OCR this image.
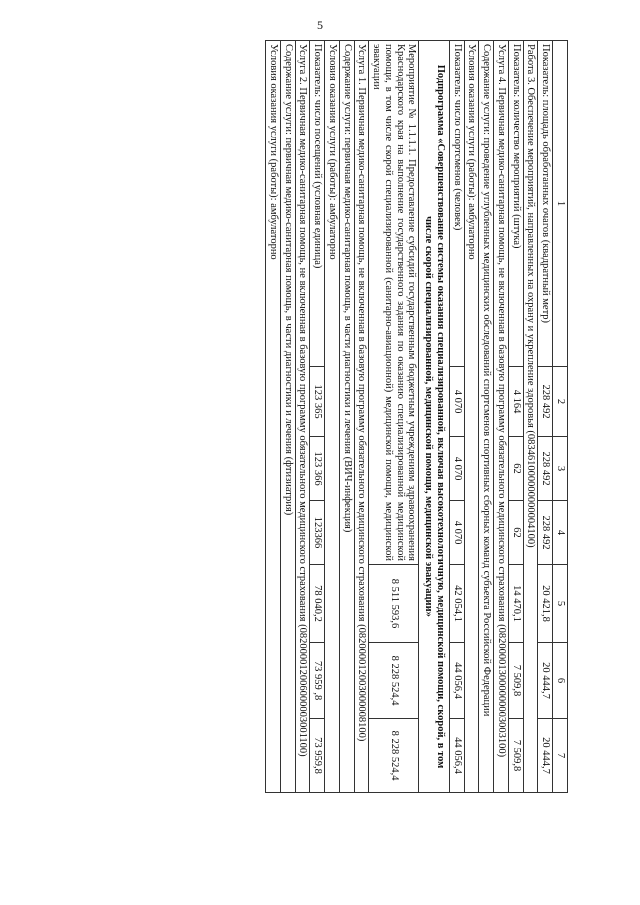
5
1	2	3	4	5	6	7
Показатель: площадь обработанных очагов (квадратный метр)	228 492	228 492	228 492	20 421,8	20 444,7	20 444,7
Работа 3. Обеспечение мероприятий, направленных на охрану и укрепление здоровья (083461000000000004100)						
Показатель: количество мероприятий (штука)	4 164	62	62	14 470,1	7 509,8	7 509,8
Услуга 4. Первичная медико-санитарная помощь, не включенная в базовую программу обязательного медицинского страхования (082000013000000003003100)						
Содержание услуги: проведение углубленных медицинских обследований спортсменов спортивных сборных команд субъекта Российской Федерации						
Условия оказания услуги (работы): амбулаторно						
Показатель: число спортсменов (человек)	4 070	4 070	4 070	42 054,1	44 056,4	44 056,4
Подпрограмма «Совершенствование системы оказания специализированной, включая высокотехнологичную, медицинской помощи, скорой, в том числе скорой специализированной, медицинской помощи, медицинской эвакуации»						
Мероприятие № 1.1.1.1. Предоставление субсидий государственным бюджетным учреждениям здравоохранения Краснодарского края на выполнение государственного задания по оказанию специализированной медицинской помощи, в том числе скорой специализированной (санитарно-авиационной) медицинской помощи, медицинской эвакуации				8 511 593,6	8 228 524,4	8 228 524,4
Услуга 1. Первичная медико-санитарная помощь, не включенная в базовую программу обязательного медицинского страхования (082000012003000008100)						
Содержание услуги: первичная медико-санитарная помощь, в части диагностики и лечения (ВИЧ-инфекция)						
Условия оказания услуги (работы): амбулаторно						
Показатель: число посещений (условная единица)	123 365	123 366	123366	78 040,2	73 959 ,8	73 959,8
Услуга 2. Первичная медико-санитарная помощь, не включенная в базовую программу обязательного медицинского страхования (082000012006000003001100)						
Содержание услуги: первичная медико-санитарная помощь, в части диагностики и лечения (фтизиатрия)						
Условия оказания услуги (работы): амбулаторно						
